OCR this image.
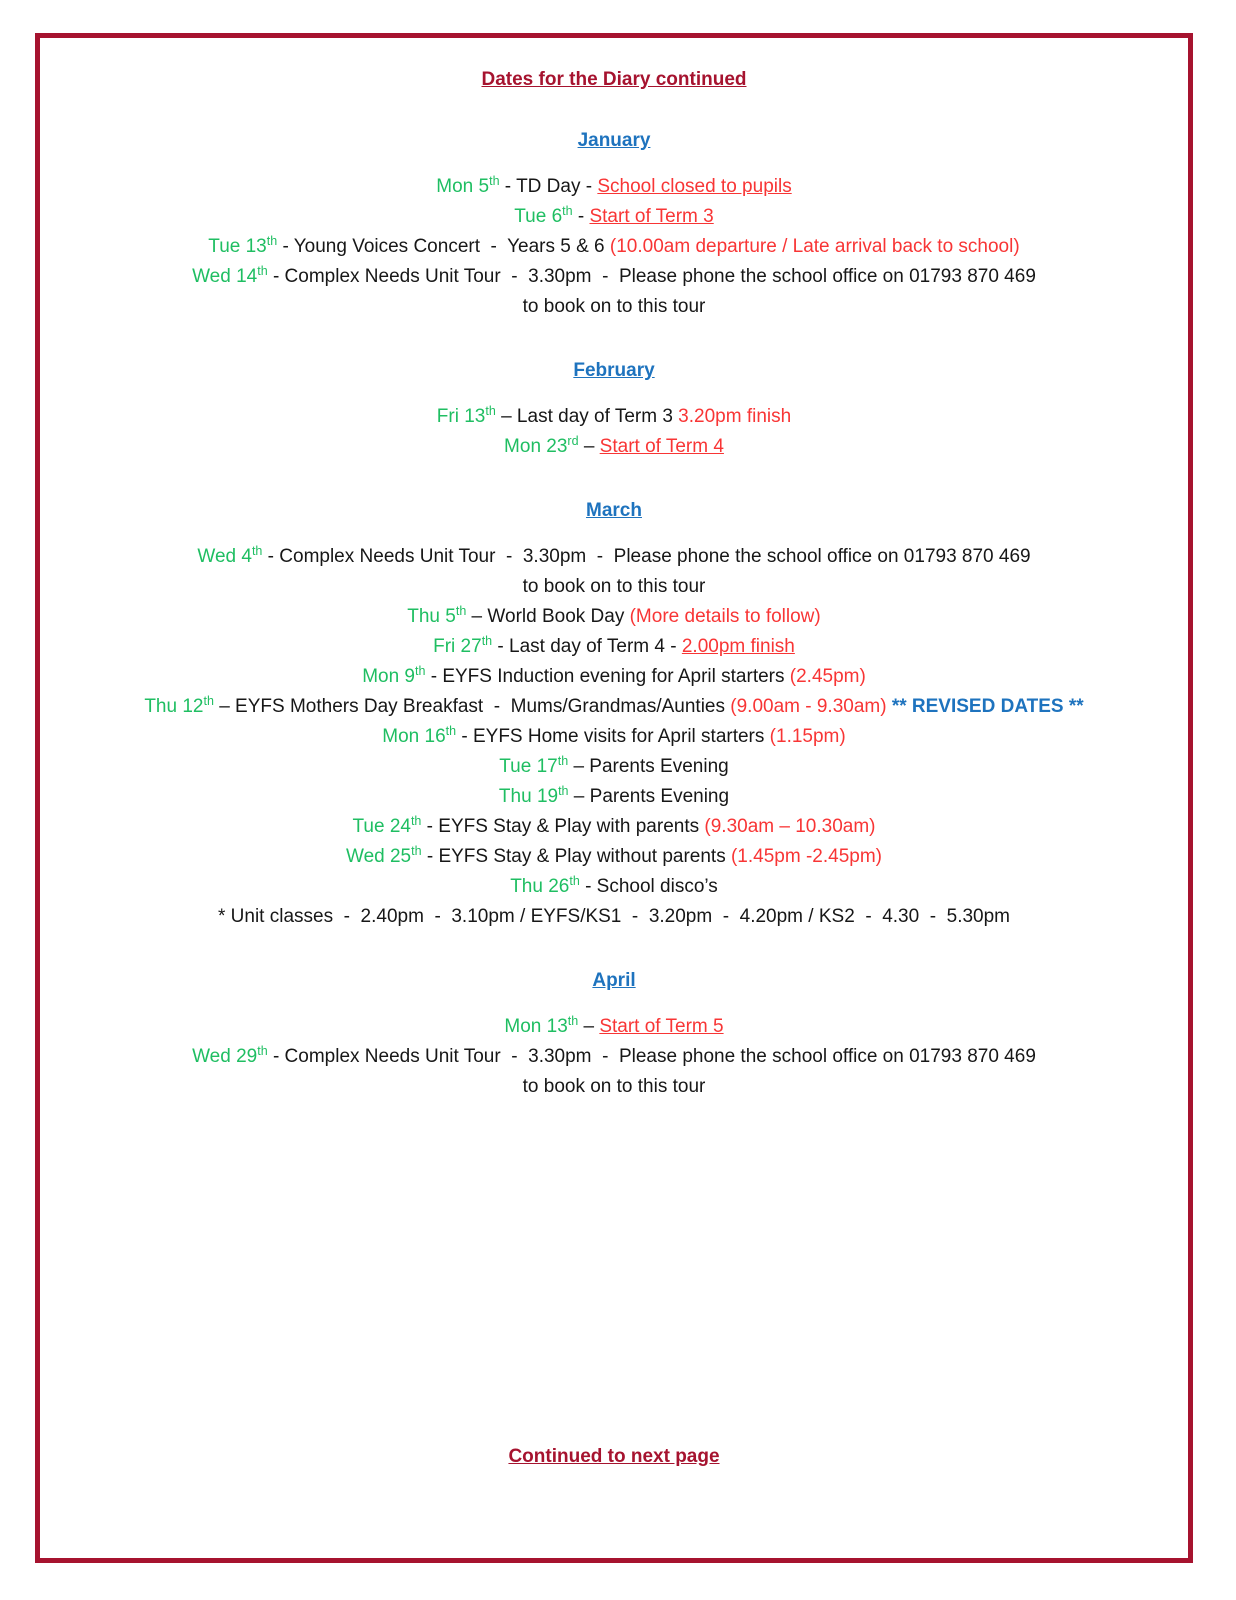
Dates for the Diary continued
January
Mon 5th - TD Day - School closed to pupils
Tue 6th - Start of Term 3
Tue 13th - Young Voices Concert  -  Years 5 & 6 (10.00am departure / Late arrival back to school)
Wed 14th - Complex Needs Unit Tour  -  3.30pm  -  Please phone the school office on 01793 870 469
to book on to this tour
February
Fri 13th – Last day of Term 3 3.20pm finish
Mon 23rd – Start of Term 4
March
Wed 4th - Complex Needs Unit Tour  -  3.30pm  -  Please phone the school office on 01793 870 469
to book on to this tour
Thu 5th – World Book Day (More details to follow)
Fri 27th - Last day of Term 4 - 2.00pm finish
Mon 9th - EYFS Induction evening for April starters (2.45pm)
Thu 12th – EYFS Mothers Day Breakfast  -  Mums/Grandmas/Aunties (9.00am - 9.30am) ** REVISED DATES **
Mon 16th - EYFS Home visits for April starters (1.15pm)
Tue 17th – Parents Evening
Thu 19th – Parents Evening
Tue 24th - EYFS Stay & Play with parents (9.30am – 10.30am)
Wed 25th - EYFS Stay & Play without parents (1.45pm -2.45pm)
Thu 26th - School disco’s
* Unit classes  -  2.40pm  -  3.10pm / EYFS/KS1  -  3.20pm  -  4.20pm / KS2  -  4.30  -  5.30pm
April
Mon 13th – Start of Term 5
Wed 29th - Complex Needs Unit Tour  -  3.30pm  -  Please phone the school office on 01793 870 469
to book on to this tour
Continued to next page
